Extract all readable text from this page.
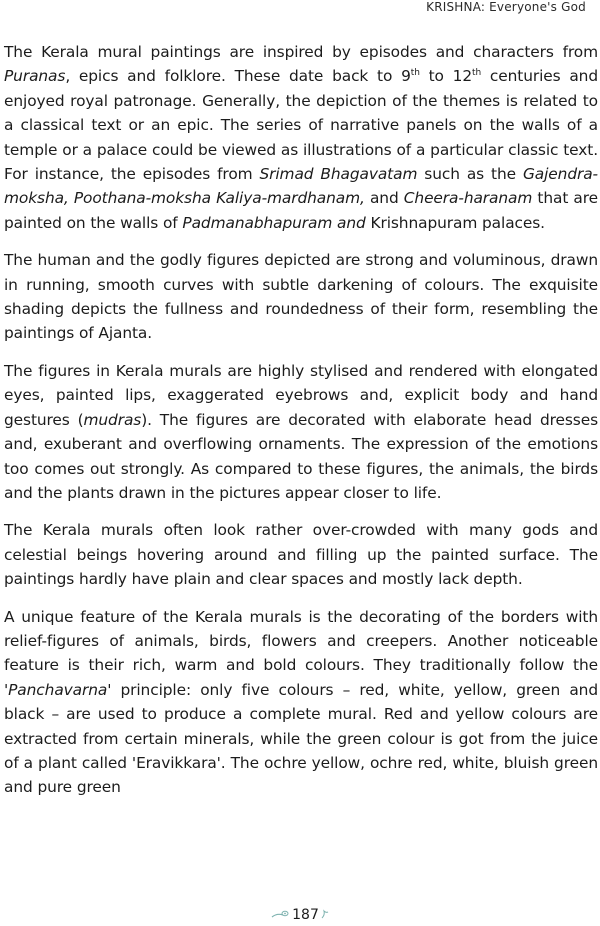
KRISHNA: Everyone's God

The Kerala mural paintings are inspired by episodes and characters from Puranas, epics and folklore. These date back to 9th to 12th centuries and enjoyed royal patronage. Generally, the depiction of the themes is related to a classical text or an epic. The series of narrative panels on the walls of a temple or a palace could be viewed as illustrations of a particular classic text. For instance, the episodes from Srimad Bhagavatam such as the Gajendra-moksha, Poothana-moksha Kaliya-mardhanam, and Cheera-haranam that are painted on the walls of Padmanabhapuram and Krishnapuram palaces.

The human and the godly figures depicted are strong and voluminous, drawn in running, smooth curves with subtle darkening of colours. The exquisite shading depicts the fullness and roundedness of their form, resembling the paintings of Ajanta.

The figures in Kerala murals are highly stylised and rendered with elongated eyes, painted lips, exaggerated eyebrows and, explicit body and hand gestures (mudras). The figures are decorated with elaborate head dresses and, exuberant and overflowing ornaments. The expression of the emotions too comes out strongly. As compared to these figures, the animals, the birds and the plants drawn in the pictures appear closer to life.

The Kerala murals often look rather over-crowded with many gods and celestial beings hovering around and filling up the painted surface. The paintings hardly have plain and clear spaces and mostly lack depth.

A unique feature of the Kerala murals is the decorating of the borders with relief-figures of animals, birds, flowers and creepers. Another noticeable feature is their rich, warm and bold colours. They traditionally follow the 'Panchavarna' principle: only five colours – red, white, yellow, green and black – are used to produce a complete mural. Red and yellow colours are extracted from certain minerals, while the green colour is got from the juice of a plant called 'Eravikkara'. The ochre yellow, ochre red, white, bluish green and pure green

187
